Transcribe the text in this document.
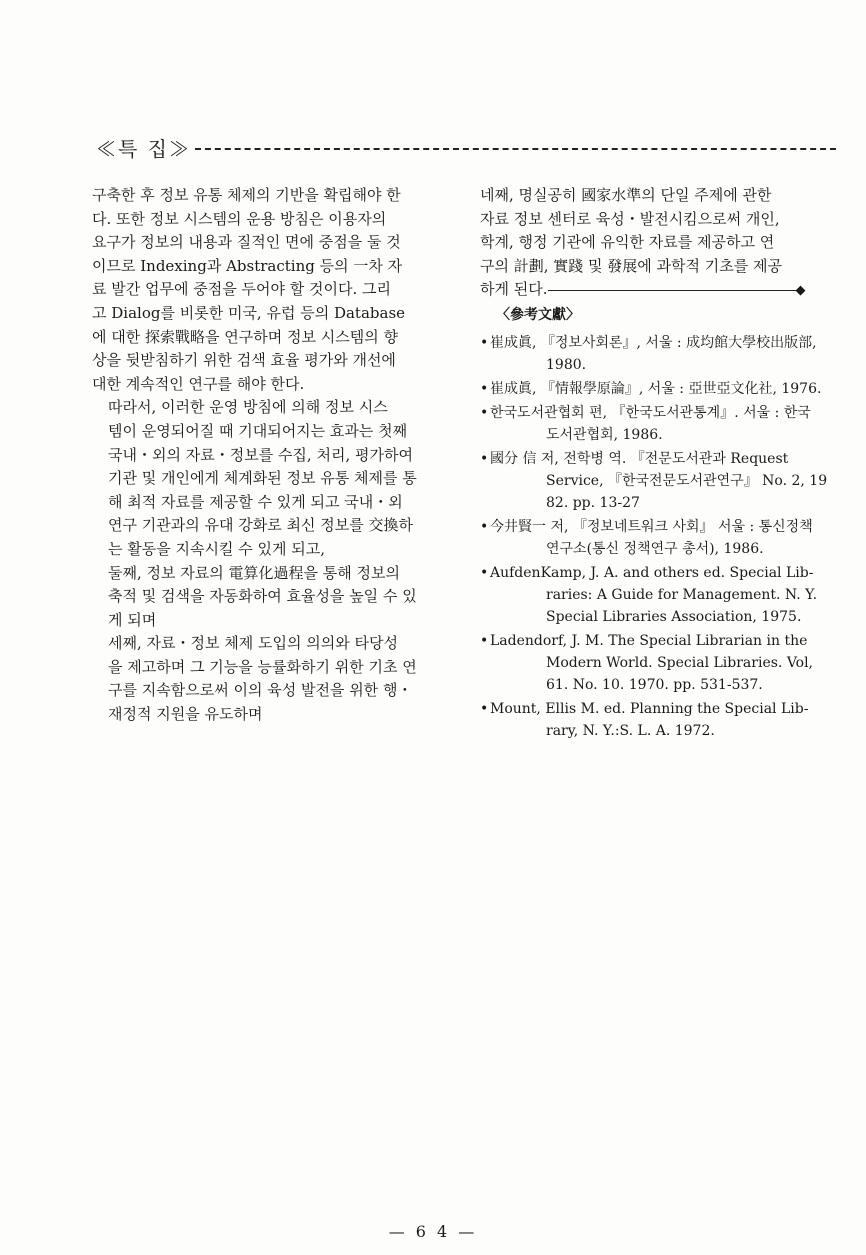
≪특 집≫

구축한 후 정보 유통 체제의 기반을 확립해야 한
다. 또한 정보 시스템의 운용 방침은 이용자의
요구가 정보의 내용과 질적인 면에 중점을 둘 것
이므로 Indexing과 Abstracting 등의 一차 자
료 발간 업무에 중점을 두어야 할 것이다. 그리
고 Dialog를 비롯한 미국, 유럽 등의 Database
에 대한 探索戰略을 연구하며 정보 시스템의 향
상을 뒷받침하기 위한 검색 효율 평가와 개선에
대한 계속적인 연구를 해야 한다.

따라서, 이러한 운영 방침에 의해 정보 시스
템이 운영되어질 때 기대되어지는 효과는 첫째
국내・외의 자료・정보를 수집, 처리, 평가하여
기관 및 개인에게 체계화된 정보 유통 체제를 통
해 최적 자료를 제공할 수 있게 되고 국내・외
연구 기관과의 유대 강화로 최신 정보를 交換하
는 활동을 지속시킬 수 있게 되고,

둘째, 정보 자료의 電算化過程을 통해 정보의
축적 및 검색을 자동화하여 효율성을 높일 수 있
게 되며

세째, 자료・정보 체제 도입의 의의와 타당성
을 제고하며 그 기능을 능률화하기 위한 기초 연
구를 지속함으로써 이의 육성 발전을 위한 행・
재정적 지원을 유도하며

네째, 명실공히 國家水準의 단일 주제에 관한
자료 정보 센터로 육성・발전시킴으로써 개인,
학계, 행정 기관에 유익한 자료를 제공하고 연
구의 計劃, 實踐 및 發展에 과학적 기초를 제공
하게 된다.	◆

〈參考文獻〉
• 崔成眞, 『정보사회론』, 서울 : 成均館大學校出版部,
1980.
• 崔成眞, 『情報學原論』, 서울 : 亞世亞文化社, 1976.
• 한국도서관협회 편, 『한국도서관통계』. 서울 : 한국
도서관협회, 1986.
• 國分 信 저, 전학병 역. 『전문도서관과 Request
Service, 『한국전문도서관연구』 No. 2, 19
82. pp. 13-27
• 今井賢一 저, 『정보네트워크 사회』 서울 : 통신정책
연구소(통신 정책연구 총서), 1986.
• AufdenKamp, J. A. and others ed. Special Lib-
raries: A Guide for Management. N. Y.
Special Libraries Association, 1975.
• Ladendorf, J. M. The Special Librarian in the
Modern World. Special Libraries. Vol,
61. No. 10. 1970. pp. 531-537.
• Mount, Ellis M. ed. Planning the Special Lib-
rary, N. Y.:S. L. A. 1972.
— 6 4 —
